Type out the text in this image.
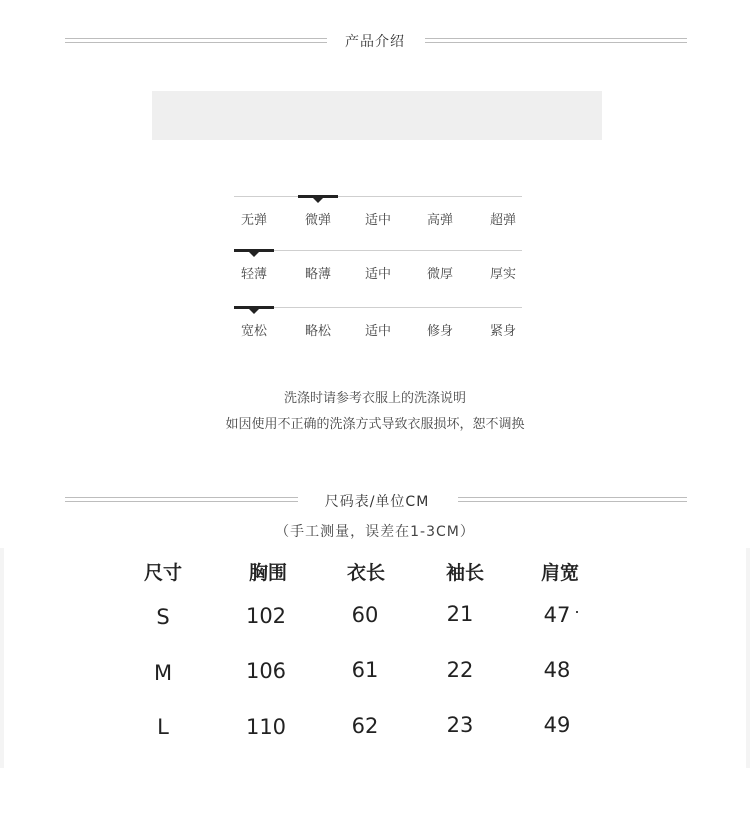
产品介绍
无弹	微弹	适中	高弹	超弹
轻薄	略薄	适中	微厚	厚实
宽松	略松	适中	修身	紧身
洗涤时请参考衣服上的洗涤说明
如因使用不正确的洗涤方式导致衣服损坏，恕不调换
尺码表/单位CM
（手工测量，误差在1-3CM）
尺寸	胸围	衣长	袖长	肩宽
S	102	60	21	47
M	106	61	22	48
L	110	62	23	49
